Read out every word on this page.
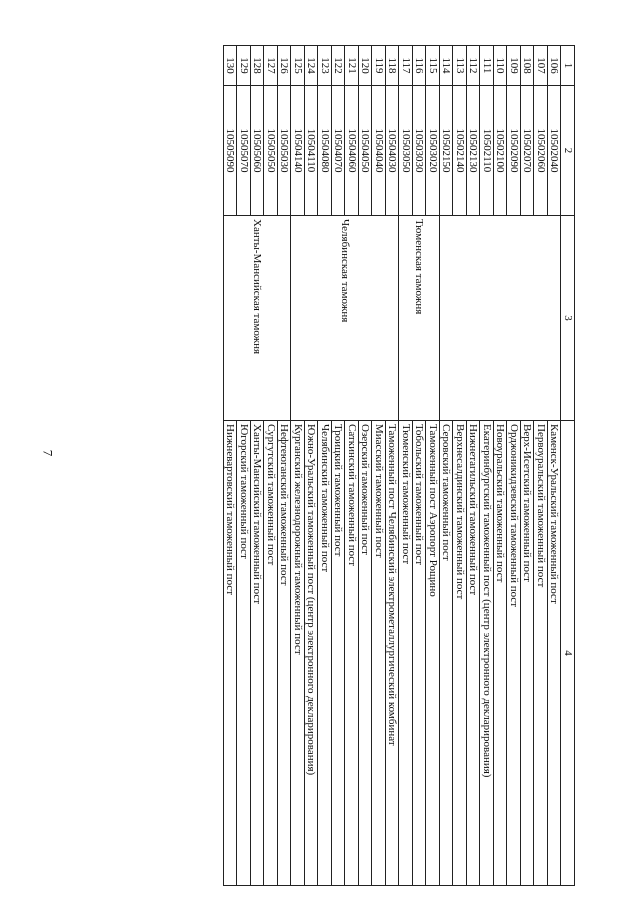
7
1	2	3	4
106	10502040		Каменск-Уральский таможенный пост
107	10502060		Первоуральский таможенный пост
108	10502070		Верх-Исетский таможенный пост
109	10502090		Орджоникидзевский таможенный пост
110	10502100		Новоуральский таможенный пост
111	10502110		Екатеринбургский таможенный пост (центр электронного декларирования)
112	10502130		Нижнетагильский таможенный пост
113	10502140		Верхнесалдинский таможенный пост
114	10502150		Серовский таможенный пост
115	10503020	Тюменская таможня	Таможенный пост Аэропорт Рощино
116	10503030		Тобольский таможенный пост
117	10503050		Тюменский таможенный пост
118	10504030	Челябинская таможня	Таможенный пост Челябинский электрометаллургический комбинат
119	10504040		Миасский таможенный пост
120	10504050		Озерский таможенный пост
121	10504060		Саткинский таможенный пост
122	10504070		Троицкий таможенный пост
123	10504080		Челябинский таможенный пост
124	10504110		Южно-Уральский таможенный пост (центр электронного декларирования)
125	10504140		Курганский железнодорожный таможенный пост
126	10505030	Ханты-Мансийская таможня	Нефтеюганский таможенный пост
127	10505050		Сургутский таможенный пост
128	10505060		Ханты-Мансийский таможенный пост
129	10505070		Югорский таможенный пост
130	10505090		Нижневартовский таможенный пост
